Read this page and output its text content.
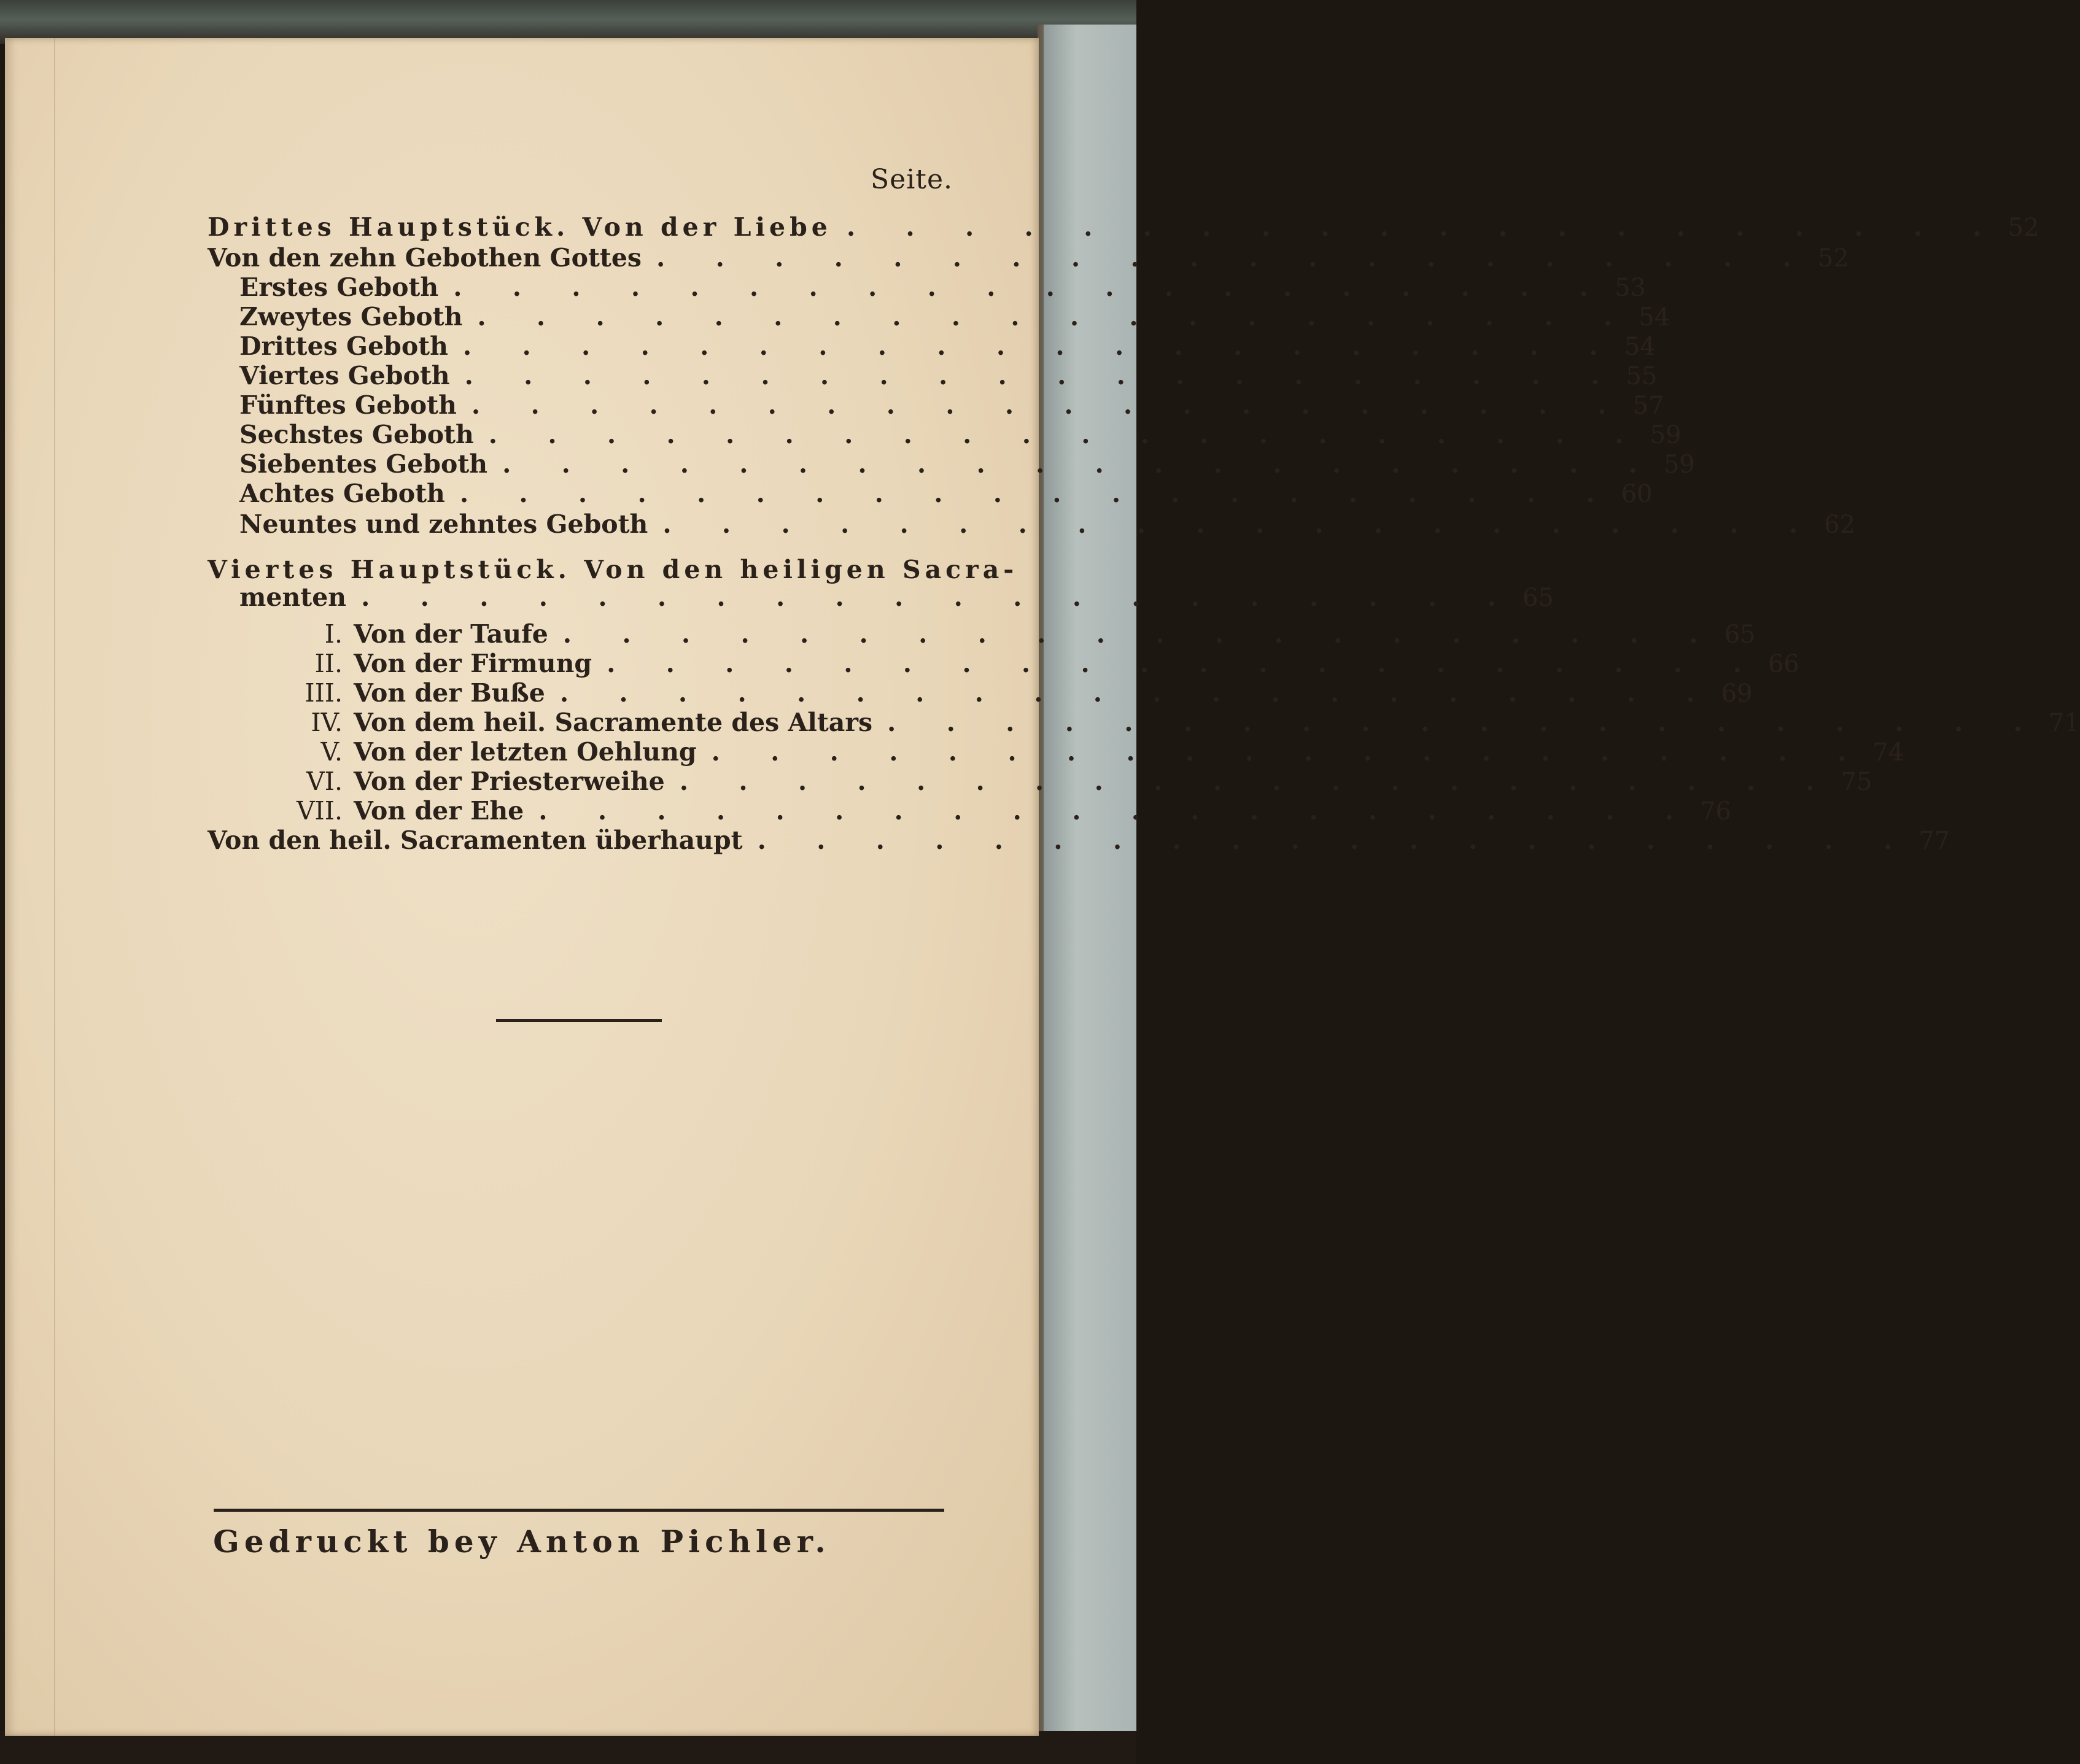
Seite.
Drittes Hauptstück. Von der Liebe . . . . . . . . . . . . . . . . . . . . 52
Von den zehn Gebothen Gottes . . . . . . . . . . . . . . . . . . . . 52
Erstes Geboth . . . . . . . . . . . . . . . . . . . . 53
Zweytes Geboth . . . . . . . . . . . . . . . . . . . . 54
Drittes Geboth . . . . . . . . . . . . . . . . . . . . 54
Viertes Geboth . . . . . . . . . . . . . . . . . . . . 55
Fünftes Geboth . . . . . . . . . . . . . . . . . . . . 57
Sechstes Geboth . . . . . . . . . . . . . . . . . . . . 59
Siebentes Geboth . . . . . . . . . . . . . . . . . . . . 59
Achtes Geboth . . . . . . . . . . . . . . . . . . . . 60
Neuntes und zehntes Geboth . . . . . . . . . . . . . . . . . . . . 62
Viertes Hauptstück. Von den heiligen Sacra-
menten . . . . . . . . . . . . . . . . . . . . 65
I. Von der Taufe . . . . . . . . . . . . . . . . . . . . 65
II. Von der Firmung . . . . . . . . . . . . . . . . . . . . 66
III. Von der Buße . . . . . . . . . . . . . . . . . . . . 69
IV. Von dem heil. Sacramente des Altars . . . . . . . . . . . . . . . . . . . . 71
V. Von der letzten Oehlung . . . . . . . . . . . . . . . . . . . . 74
VI. Von der Priesterweihe . . . . . . . . . . . . . . . . . . . . 75
VII. Von der Ehe . . . . . . . . . . . . . . . . . . . . 76
Von den heil. Sacramenten überhaupt . . . . . . . . . . . . . . . . . . . . 77
Gedruckt bey Anton Pichler.
